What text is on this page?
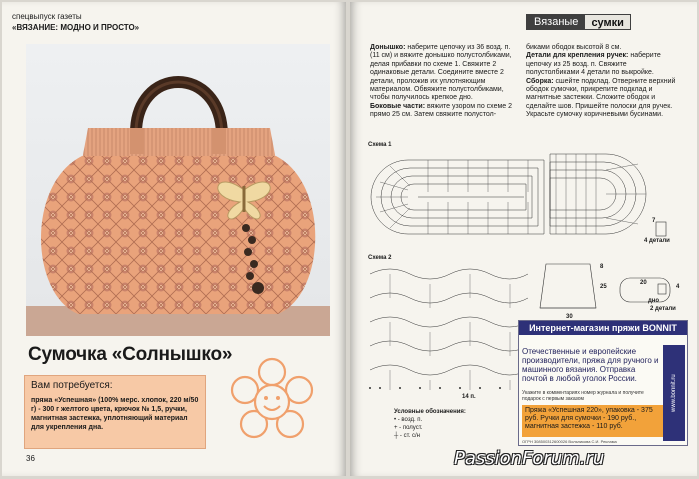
спецвыпуск газеты
«ВЯЗАНИЕ: МОДНО И ПРОСТО»
Сумочка «Солнышко»
Вам потребуется:
пряжа «Успешная» (100% мерс. хлопок, 220 м/50 г) - 300 г желтого цвета, крючок № 1,5, ручки, магнитная застежка, уплотняющий материал для укрепления дна.
36
Вязаные	сумки

Донышко: наберите цепочку из 36 возд. п. (11 см) и вяжите донышко полустолбиками, делая прибавки по схеме 1. Свяжите 2 одинаковые детали. Соедините вместе 2 детали, проложив их уплотняющим материалом. Обвяжите полустолбиками, чтобы получилось крепкое дно.

Боковые части: вяжите узором по схеме 2 прямо 25 см. Затем свяжите полустол-

биками ободок высотой 8 см.

Детали для крепления ручек: наберите цепочку из 25 возд. п. Свяжите полустолбиками 4 детали по выкройке.

Сборка: сшейте подклад. Отверните верхний ободок сумочки, прикрепите подклад и магнитные застежки. Сложите ободок и сделайте шов. Пришейте полоски для ручек. Украсьте сумочку коричневыми бусинами.

Схема 1
7
4 детали
Схема 2
14 п.
25
8
30
20
дно
2 детали
4
Условные обозначения:
• - возд. п.
+ - полуст.
┼ - ст. с/н
Интернет-магазин пряжи BONNIT
Отечественные и европейские производители, пряжа для ручного и машинного вязания. Отправка почтой в любой уголок России.
Укажите в комментариях номер журнала и получите подарок с первым заказом
Пряжа «Успешная 220», упаковка - 375 руб. Ручки для сумочки - 190 руб., магнитная застежка - 110 руб.
www.bonnit.ru
ОГРН 308500312600026 Вольникова С.И. Реклама
PassionForum.ru
